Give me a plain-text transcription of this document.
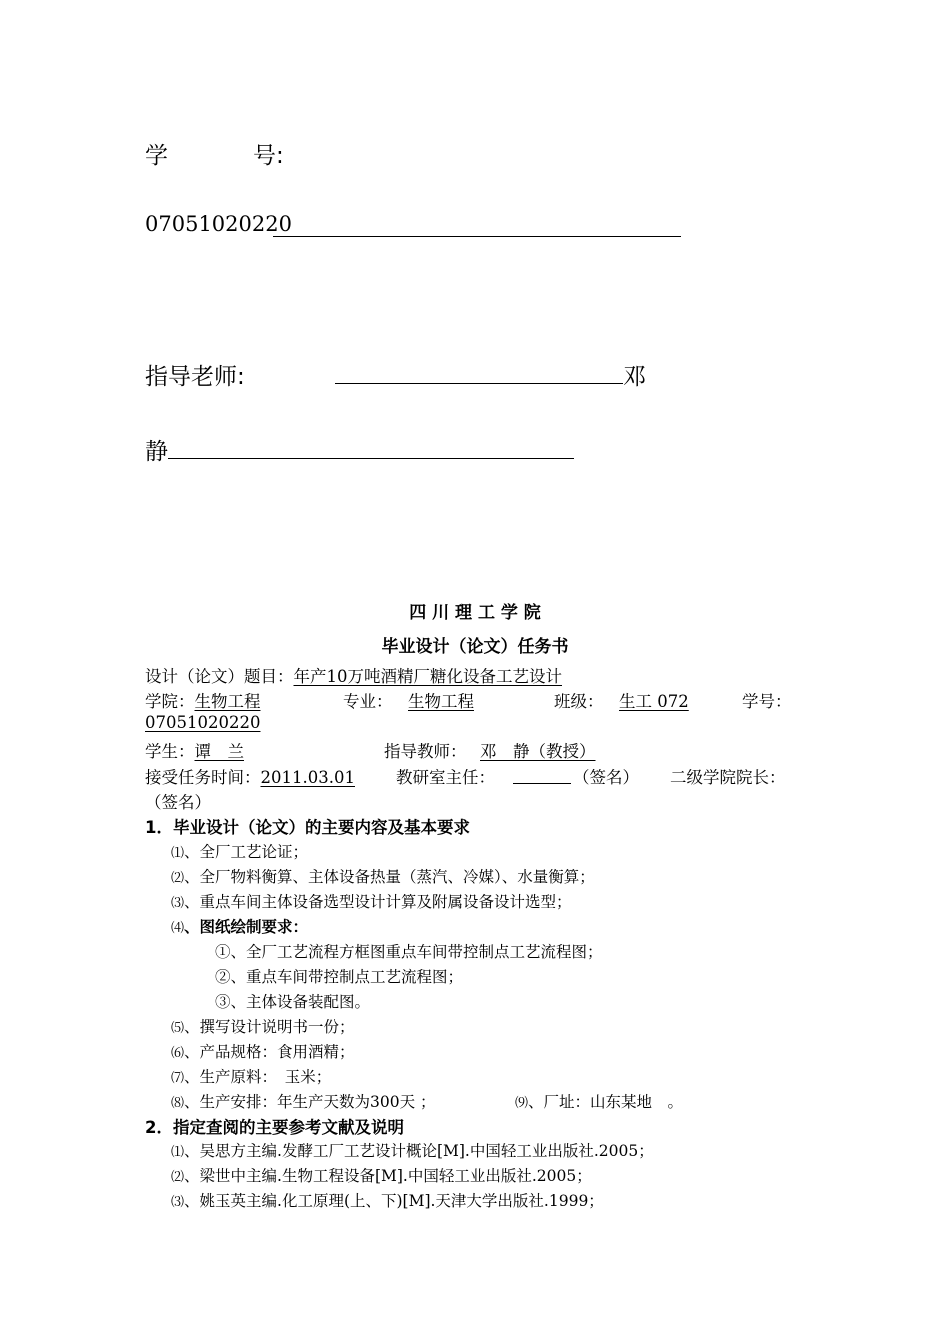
学	号:
07051020220
指导老师:	邓
静
四 川 理 工 学 院
毕业设计（论文）任务书
设计（论文）题目：年产10万吨酒精厂糖化设备工艺设计
学院：生物工程	专业： 生物工程	班级： 生工 072	学号：
07051020220
学生：谭　兰	指导教师： 邓　静（教授）
接受任务时间：2011.03.01 教研室主任：	（签名） 二级学院院长：
（签名）
1．毕业设计（论文）的主要内容及基本要求
⑴、全厂工艺论证；
⑵、全厂物料衡算、主体设备热量（蒸汽、冷媒）、水量衡算；
⑶、重点车间主体设备选型设计计算及附属设备设计选型；
⑷、图纸绘制要求：
①、全厂工艺流程方框图重点车间带控制点工艺流程图；
②、重点车间带控制点工艺流程图；
③、主体设备装配图。
⑸、撰写设计说明书一份；
⑹、产品规格：食用酒精；
⑺、生产原料：　玉米；
⑻、生产安排：年生产天数为300天 ；	⑼、厂址：山东某地　。
2．指定查阅的主要参考文献及说明
⑴、吴思方主编.发酵工厂工艺设计概论[M].中国轻工业出版社.2005；
⑵、梁世中主编.生物工程设备[M].中国轻工业出版社.2005；
⑶、姚玉英主编.化工原理(上、下)[M].天津大学出版社.1999；
